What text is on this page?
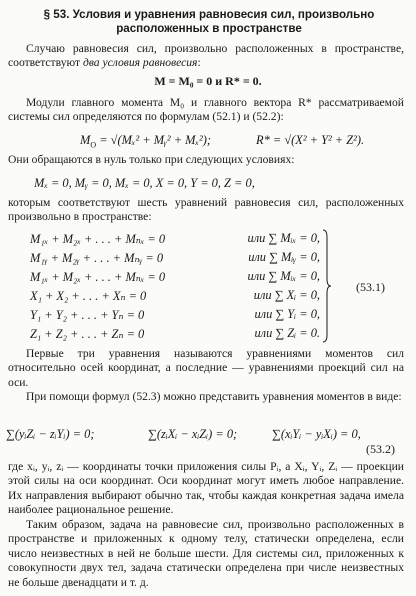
§ 53. Условия и уравнения равновесия сил, произвольно
расположенных в пространстве

Случаю равновесия сил, произвольно расположенных в пространстве, соответствуют два условия равновесия:

M = M₀ = 0 и R* = 0.

Модули главного момента M₀ и главного вектора R* рассматриваемой системы сил определяются по формулам (52.1) и (52.2):

$M_O = √(M_x^2$ + Mᵧ² + Mₓ²);	R* = √(X² + Y² + Z²).

Они обращаются в нуль только при следующих условиях:

Mₓ = 0, Mᵧ = 0, Mₓ = 0, X = 0, Y = 0, Z = 0,

которым соответствуют шесть уравнений равновесия сил, расположенных произвольно в пространстве:

M₁ₓ + M₂ₓ + . . . + Mₙₓ = 0	или ∑ Mᵢₓ = 0,
M₁ᵧ + M₂ᵧ + . . . + Mₙᵧ = 0	или ∑ Mᵢᵧ = 0,
M₁ₓ + M₂ₓ + . . . + Mₙₓ = 0	или ∑ Mᵢₓ = 0,
X₁ + X₂ + . . . + Xₙ = 0	или ∑ Xᵢ = 0,
Y₁ + Y₂ + . . . + Yₙ = 0	или ∑ Yᵢ = 0,
Z₁ + Z₂ + . . . + Zₙ = 0	или ∑ Zᵢ = 0.
(53.1)

Первые три уравнения называются уравнениями моментов сил относительно осей координат, а последние — уравнениями проекций сил на оси.

При помощи формул (52.3) можно представить уравнения моментов в виде:

∑(yᵢZᵢ − zᵢYᵢ) = 0;	∑(zᵢXᵢ − xᵢZᵢ) = 0;	∑(xᵢYᵢ − yᵢXᵢ) = 0,
(53.2)

где xᵢ, yᵢ, zᵢ — координаты точки приложения силы Pᵢ, а Xᵢ, Yᵢ, Zᵢ — проекции этой силы на оси координат. Оси координат могут иметь любое направление. Их направления выбирают обычно так, чтобы каждая конкретная задача имела наиболее рациональное решение.

Таким образом, задача на равновесие сил, произвольно расположенных в пространстве и приложенных к одному телу, статически определена, если число неизвестных в ней не больше шести. Для системы сил, приложенных к совокупности двух тел, задача статически определена при числе неизвестных не больше двенадцати и т. д.
